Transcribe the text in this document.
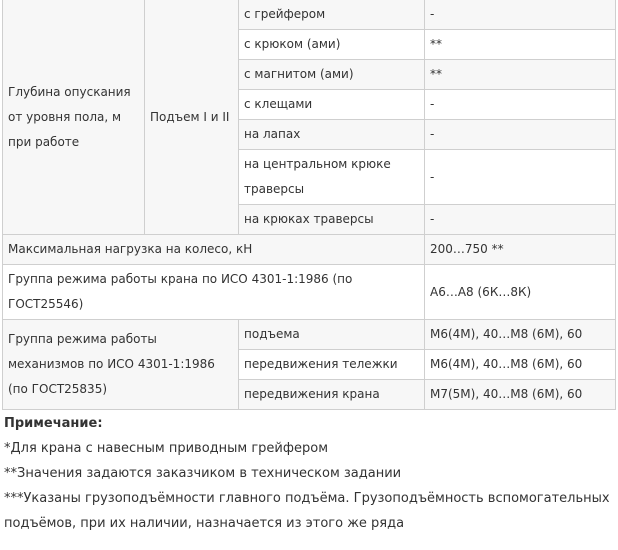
Глубина опускания от уровня пола, м при работе	Подъем I и II	с грейфером	-
		с крюком (ами)	**
		с магнитом (ами)	**
		с клещами	-
		на лапах	-
		на центральном крюке траверсы	-
		на крюках траверсы	-
Максимальная нагрузка на колесо, кН			200…750 **
Группа режима работы крана по ИСО 4301-1:1986 (по ГОСТ25546)			А6…А8 (6К…8К)
Группа режима работы механизмов по ИСО 4301-1:1986 (по ГОСТ25835)		подъема	М6(4М), 40…М8 (6М), 60
		передвижения тележки	М6(4М), 40…М8 (6М), 60
		передвижения крана	М7(5М), 40…М8 (6М), 60
Примечание:
*Для крана с навесным приводным грейфером
**Значения задаются заказчиком в техническом задании
***Указаны грузоподъёмности главного подъёма. Грузоподъёмность вспомогательных подъёмов, при их наличии, назначается из этого же ряда
